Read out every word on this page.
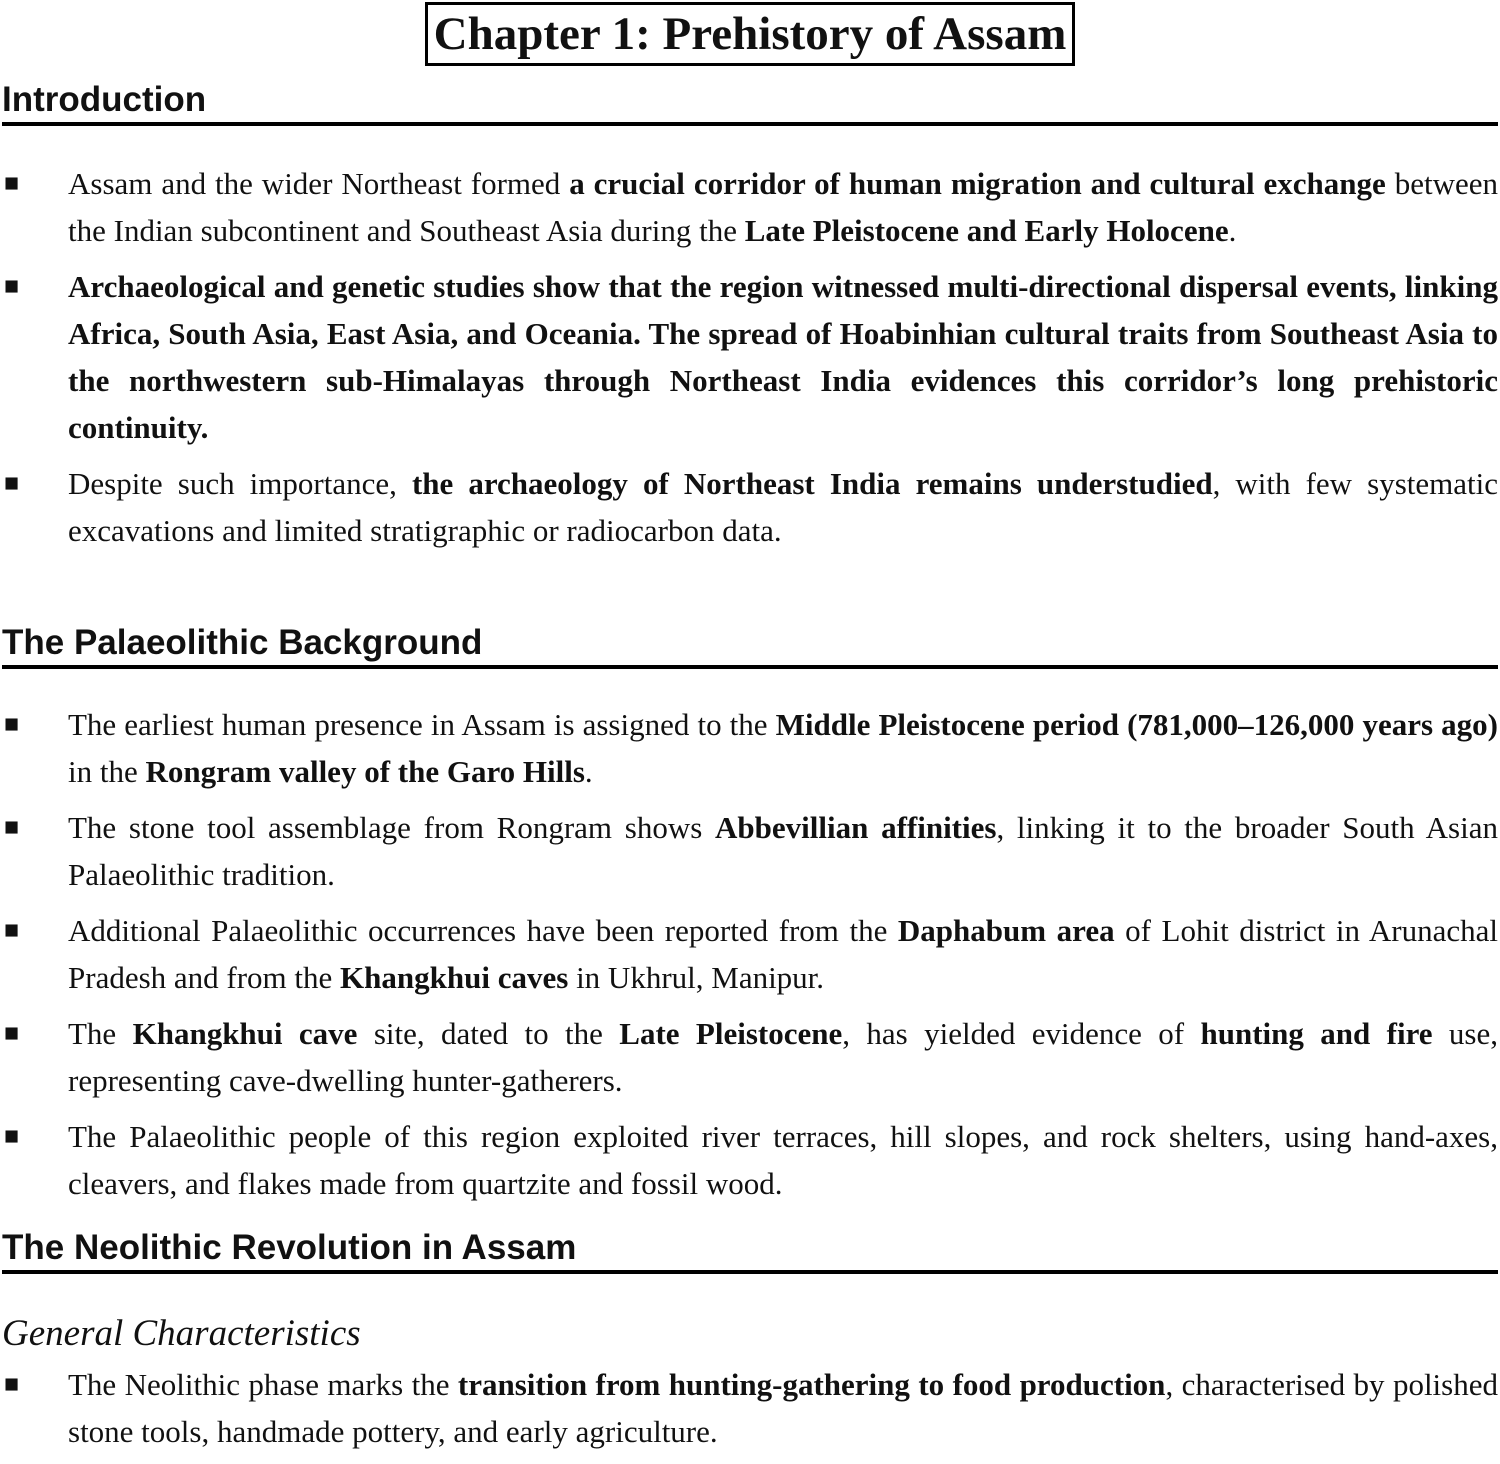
Chapter 1: Prehistory of Assam
Introduction
■ Assam and the wider Northeast formed a crucial corridor of human migration and cultural exchange between the Indian subcontinent and Southeast Asia during the Late Pleistocene and Early Holocene.
■ Archaeological and genetic studies show that the region witnessed multi-directional dispersal events, linking Africa, South Asia, East Asia, and Oceania. The spread of Hoabinhian cultural traits from Southeast Asia to the northwestern sub-Himalayas through Northeast India evidences this corridor’s long prehistoric continuity.
■ Despite such importance, the archaeology of Northeast India remains understudied, with few systematic excavations and limited stratigraphic or radiocarbon data.
The Palaeolithic Background
■ The earliest human presence in Assam is assigned to the Middle Pleistocene period (781,000–126,000 years ago) in the Rongram valley of the Garo Hills.
■ The stone tool assemblage from Rongram shows Abbevillian affinities, linking it to the broader South Asian Palaeolithic tradition.
■ Additional Palaeolithic occurrences have been reported from the Daphabum area of Lohit district in Arunachal Pradesh and from the Khangkhui caves in Ukhrul, Manipur.
■ The Khangkhui cave site, dated to the Late Pleistocene, has yielded evidence of hunting and fire use, representing cave-dwelling hunter-gatherers.
■ The Palaeolithic people of this region exploited river terraces, hill slopes, and rock shelters, using hand-axes, cleavers, and flakes made from quartzite and fossil wood.
The Neolithic Revolution in Assam
General Characteristics
■ The Neolithic phase marks the transition from hunting-gathering to food production, characterised by polished stone tools, handmade pottery, and early agriculture.
